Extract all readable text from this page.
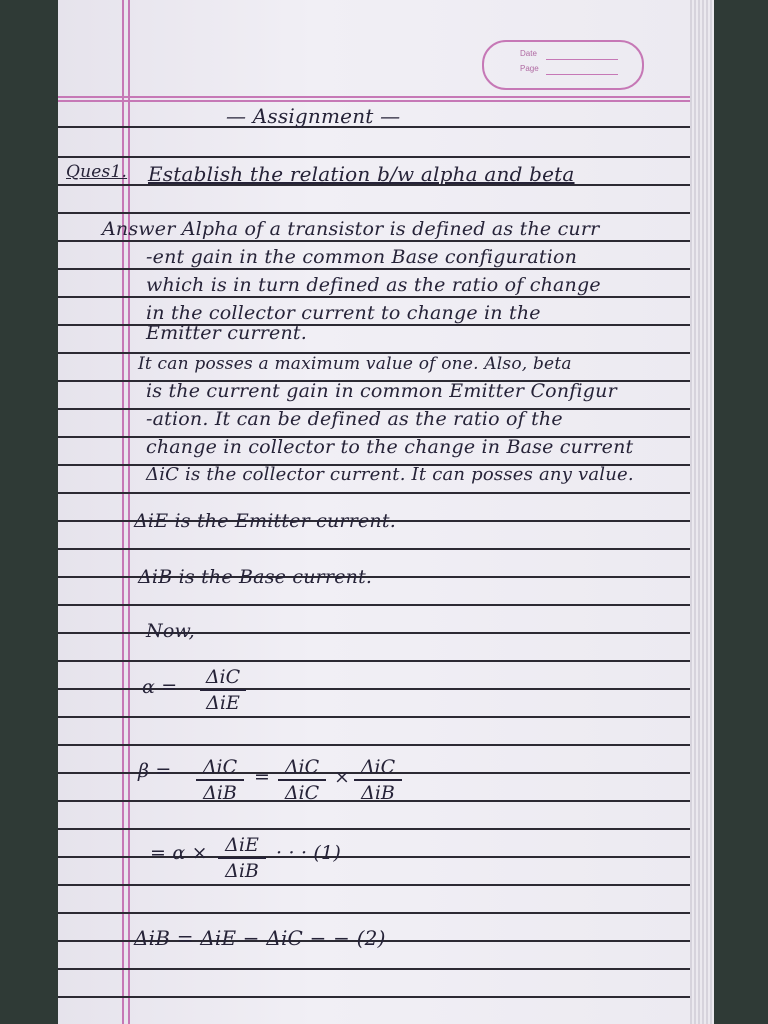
Date
Page
— Assignment —
Ques1. Establish the relation b/w alpha and beta
Answer Alpha of a transistor is defined as the curr
-ent gain in the common Base configuration
which is in turn defined as the ratio of change
in the collector current to change in the
Emitter current.
It can posses a maximum value of one. Also, beta
is the current gain in common Emitter Configur
-ation. It can be defined as the ratio of the
change in collector to the change in Base current
ΔiC is the collector current. It can posses any value.
ΔiE is the Emitter current.
ΔiB is the Base current.
Now,
α =	ΔiC
ΔiE
β =	ΔiC
ΔiB
= ΔiC
ΔiC
× ΔiC
ΔiB
= α × ΔiE
ΔiB
· · · (1)
ΔiB = ΔiE − ΔiC − − (2)
